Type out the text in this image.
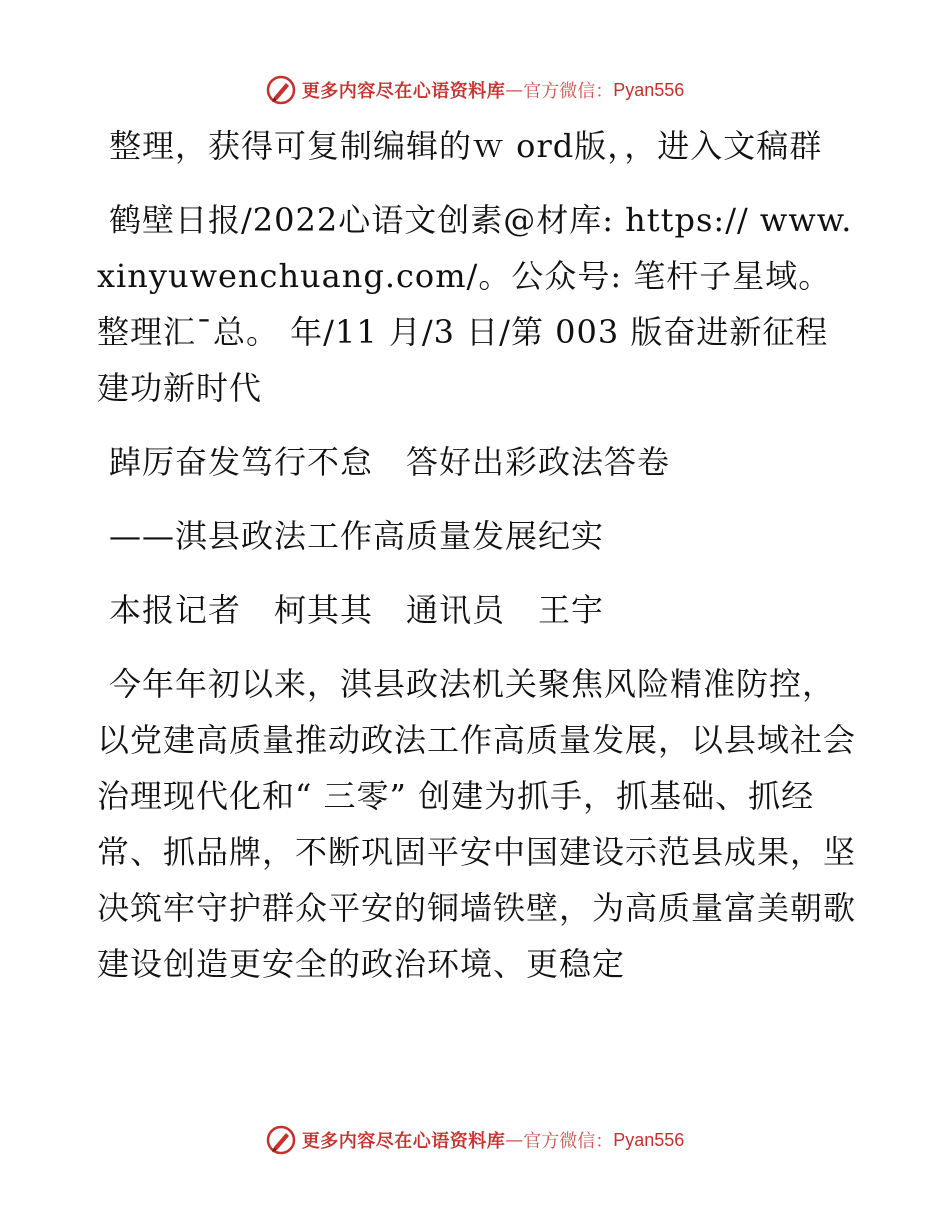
更多内容尽在心语资料库 — 官方微信： Pyan556

整理，获得可复制编辑的ｗ ord版，，进入文稿群

鹤壁日报/2022心语文创素@材库: https:// www.xinyuwenchuang.com/。公众号: 笔杆子星域。整理汇¯总。 年/11 月/3 日/第 003 版奋进新征程 建功新时代

踔厉奋发笃行不怠　答好出彩政法答卷

——淇县政法工作高质量发展纪实

本报记者　柯其其　通讯员　王宇

今年年初以来，淇县政法机关聚焦风险精准防控，以党建高质量推动政法工作高质量发展，以县域社会治理现代化和“ 三零” 创建为抓手，抓基础、抓经常、抓品牌，不断巩固平安中国建设示范县成果，坚决筑牢守护群众平安的铜墙铁壁，为高质量富美朝歌建设创造更安全的政治环境、更稳定

更多内容尽在心语资料库 — 官方微信： Pyan556
